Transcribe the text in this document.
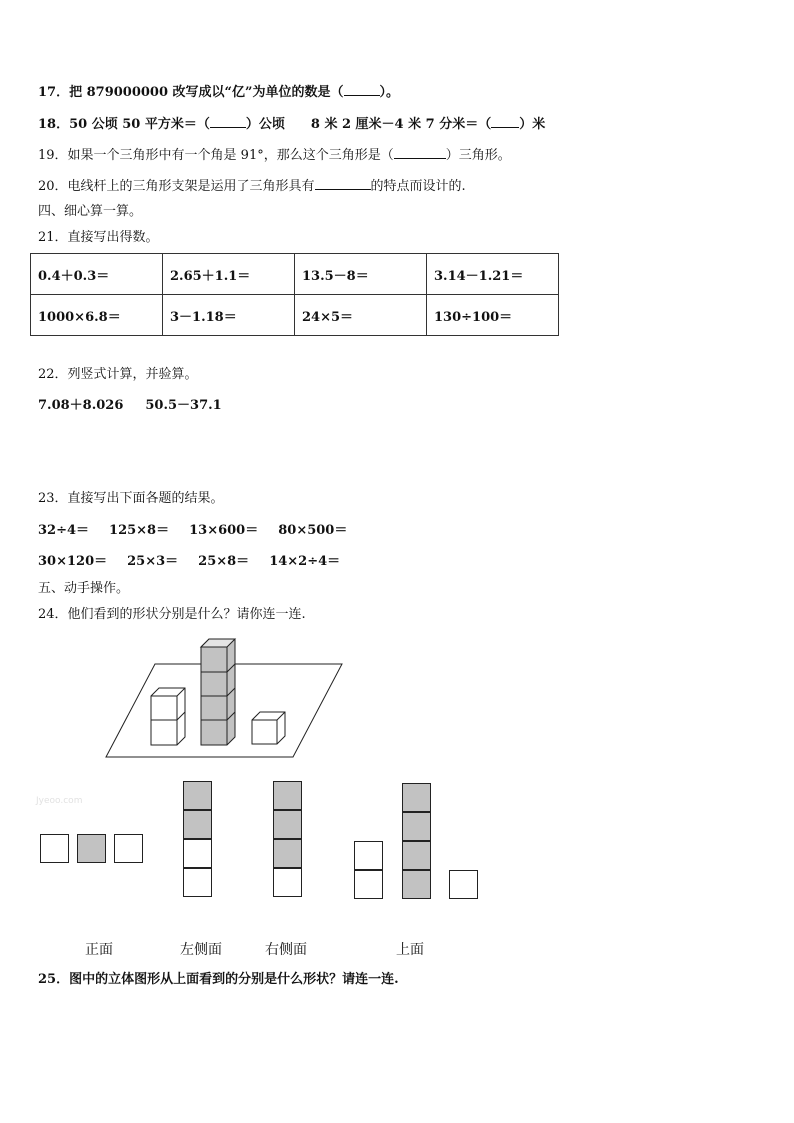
17．把 879000000 改写成以“亿”为单位的数是（	）。
18．50 公顷 50 平方米＝（	）公顷 8 米 2 厘米－4 米 7 分米＝（ ）米
19．如果一个三角形中有一个角是 91°，那么这个三角形是（	）三角形。
20．电线杆上的三角形支架是运用了三角形具有	的特点而设计的.
四、细心算一算。
21．直接写出得数。
0.4＋0.3＝	2.65＋1.1＝	13.5－8＝	3.14－1.21＝
1000×6.8＝	3－1.18＝	24×5＝	130÷100＝
22．列竖式计算，并验算。
7.08＋8.026 50.5－37.1
23．直接写出下面各题的结果。
32÷4＝ 125×8＝ 13×600＝ 80×500＝
30×120＝ 25×3＝ 25×8＝ 14×2÷4＝
五、动手操作。
24．他们看到的形状分别是什么？请你连一连.
Jyeoo.com
正面	左侧面	右侧面	上面
25．图中的立体图形从上面看到的分别是什么形状？请连一连.
